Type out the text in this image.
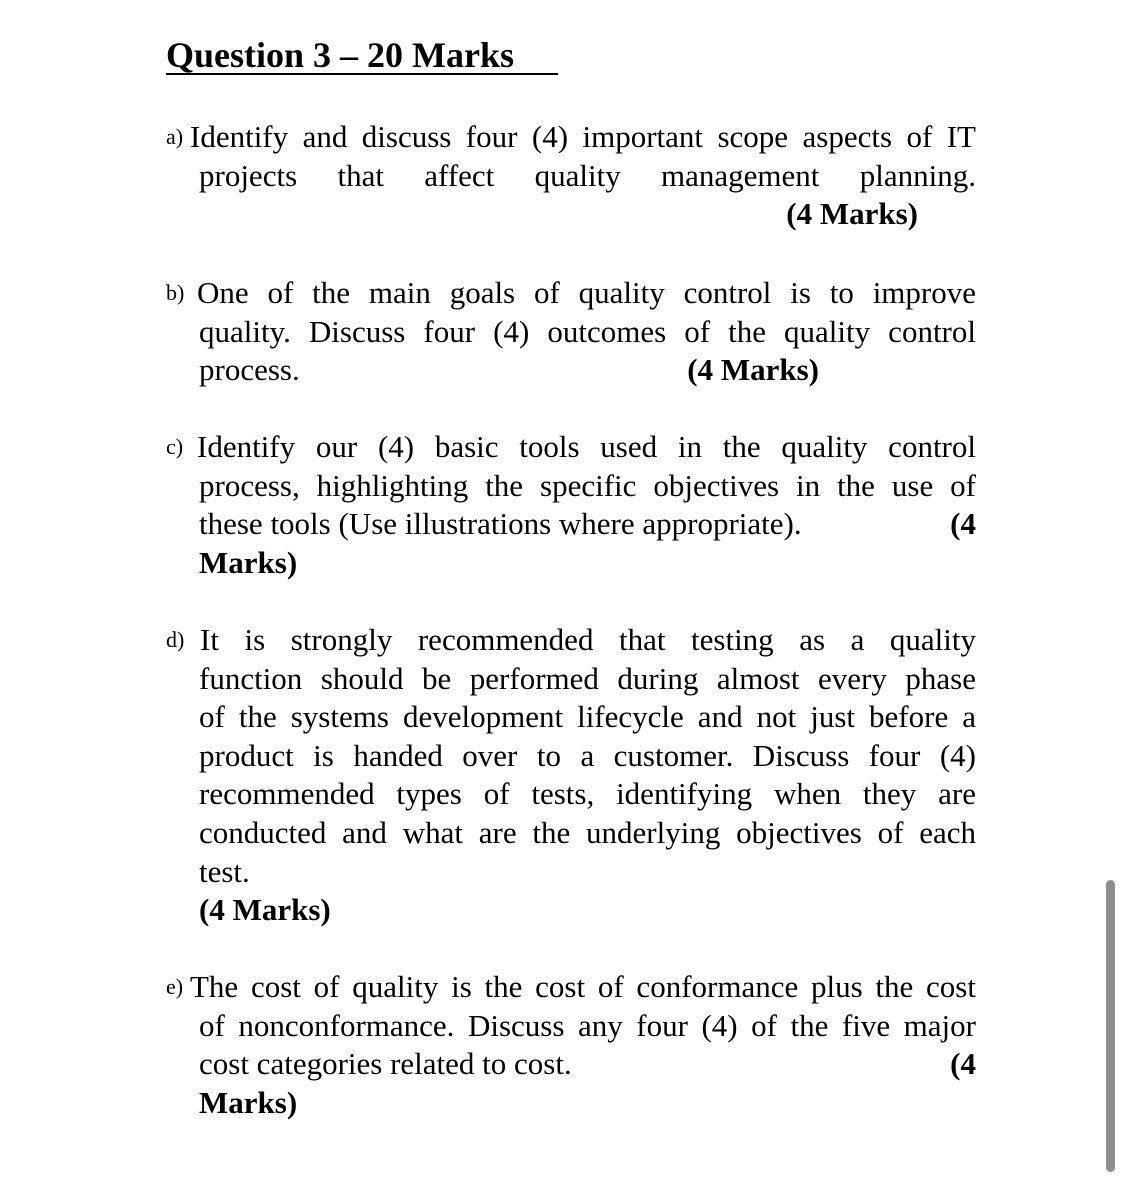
Question 3 – 20 Marks
a) Identify and discuss four (4) important scope aspects of IT
projects that affect quality management planning.
(4 Marks)
b) One of the main goals of quality control is to improve
quality. Discuss four (4) outcomes of the quality control
process.	(4 Marks)
c) Identify our (4) basic tools used in the quality control
process, highlighting the specific objectives in the use of
these tools (Use illustrations where appropriate).	(4
Marks)
d) It is strongly recommended that testing as a quality
function should be performed during almost every phase
of the systems development lifecycle and not just before a
product is handed over to a customer. Discuss four (4)
recommended types of tests, identifying when they are
conducted and what are the underlying objectives of each
test.
(4 Marks)
e) The cost of quality is the cost of conformance plus the cost
of nonconformance. Discuss any four (4) of the five major
cost categories related to cost.	(4
Marks)
